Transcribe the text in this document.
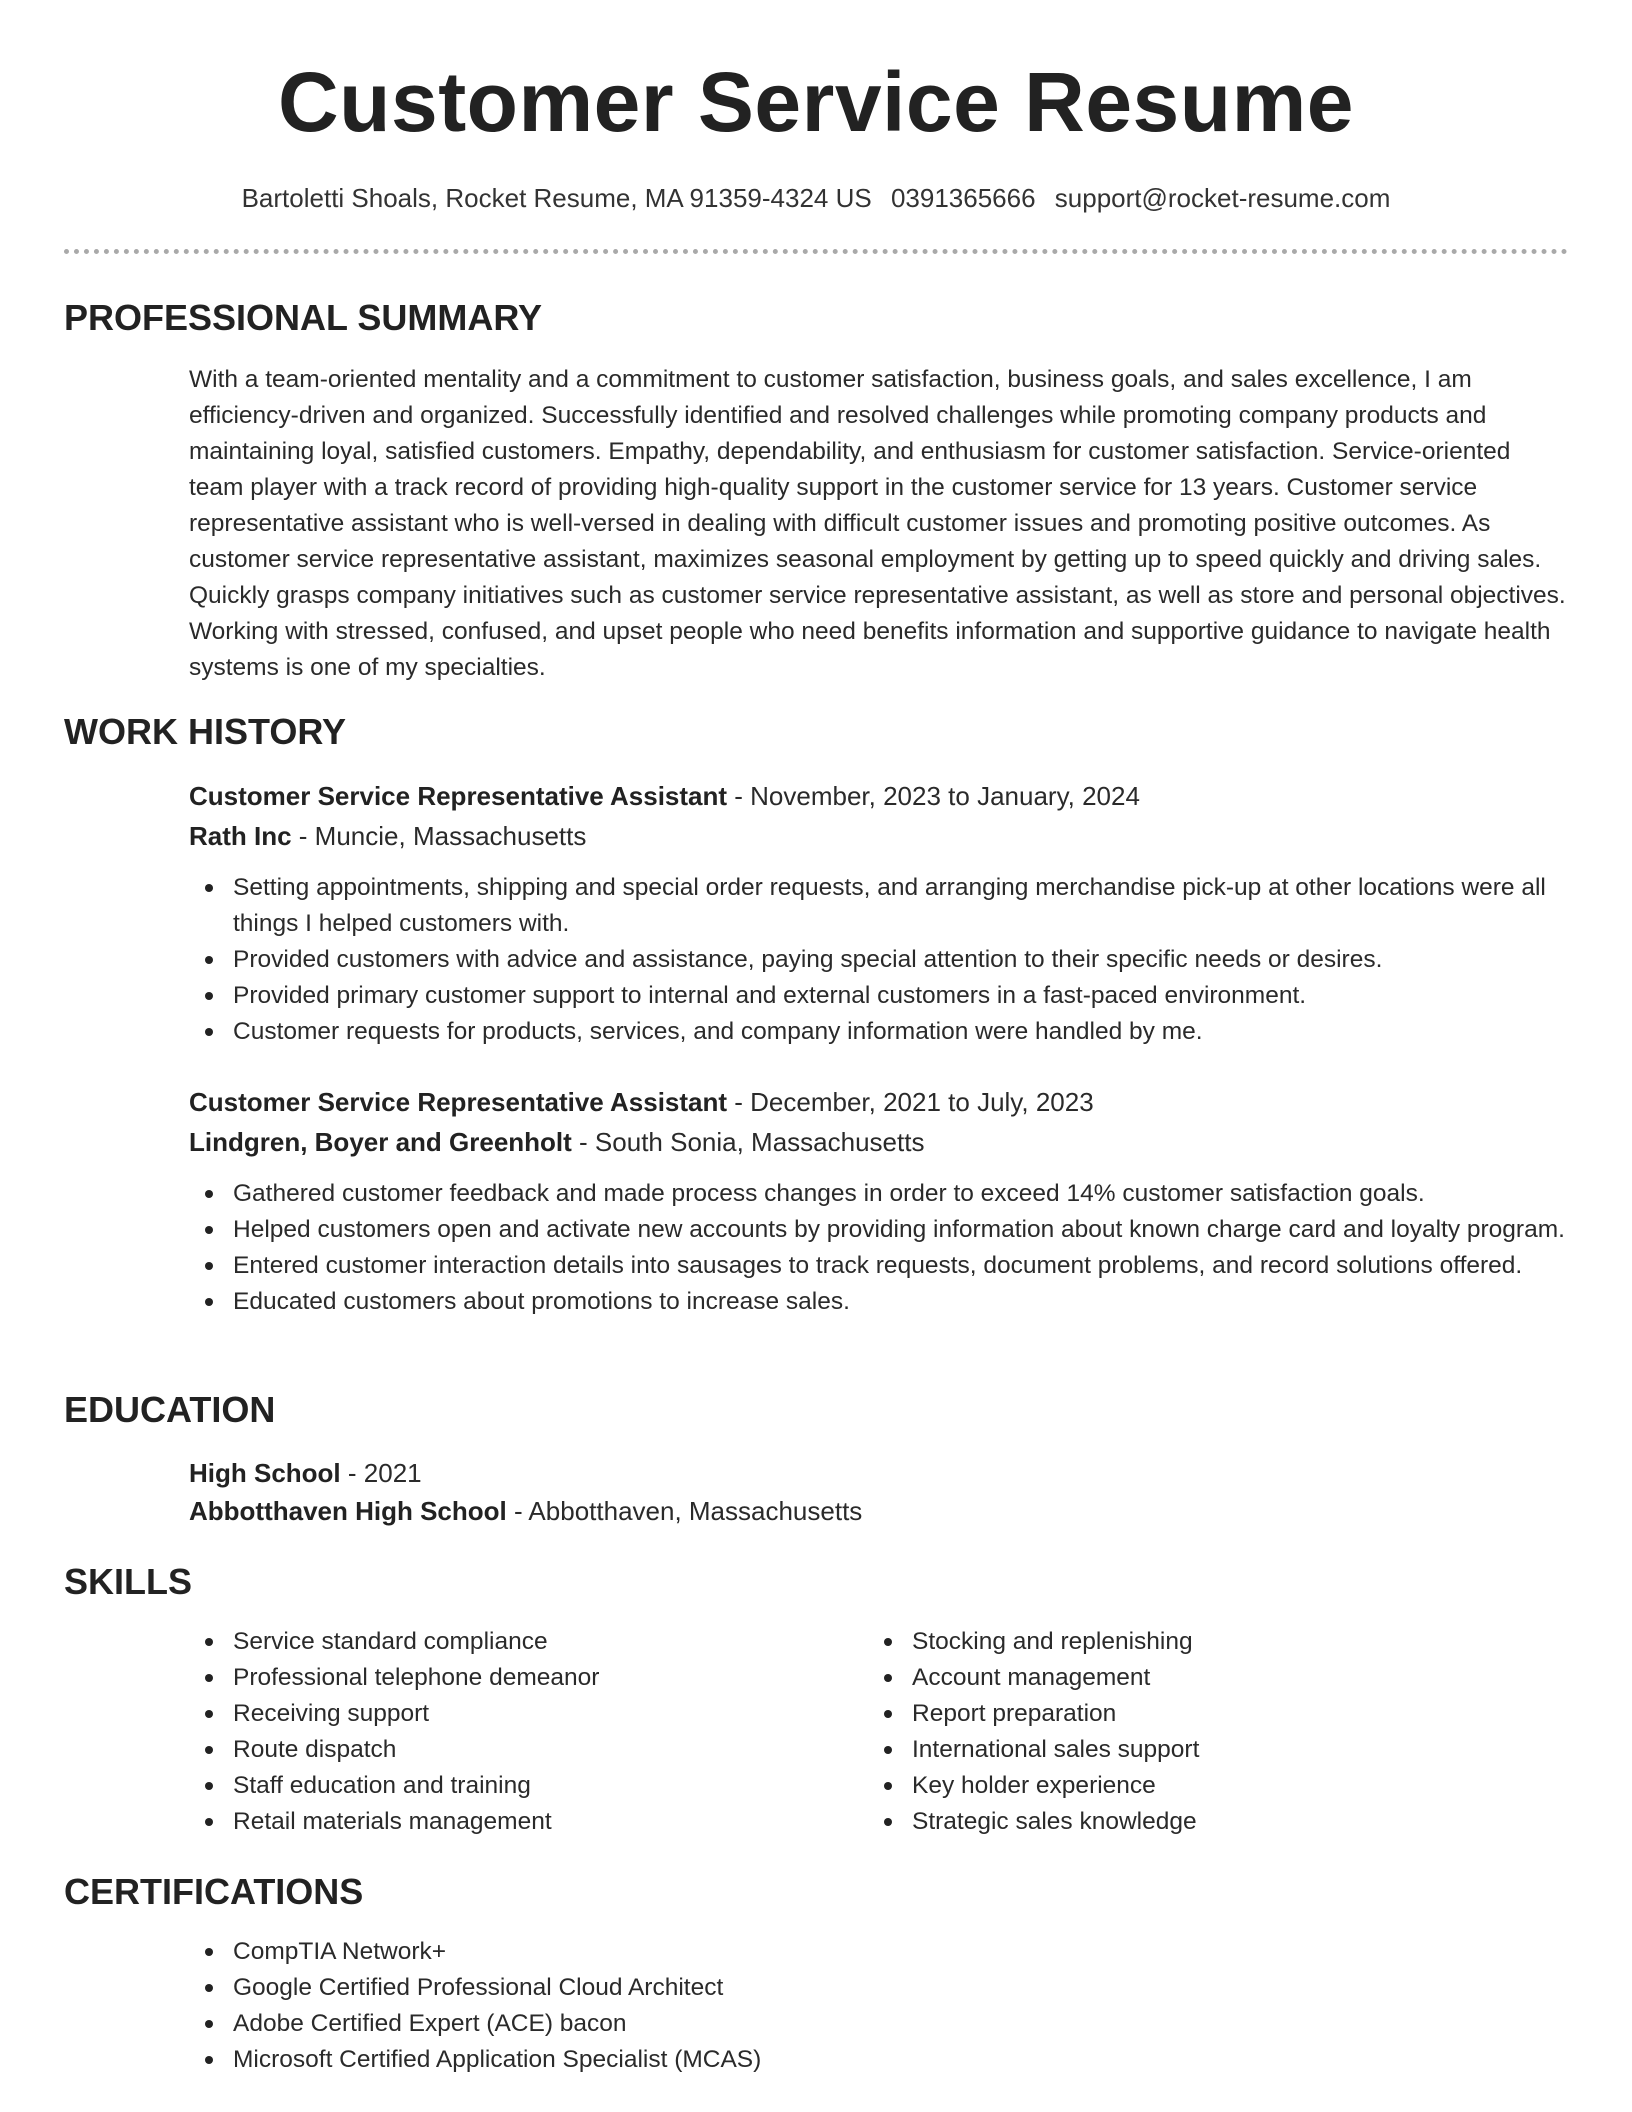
Customer Service Resume
Bartoletti Shoals, Rocket Resume, MA 91359-4324 US 0391365666 support@rocket-resume.com
PROFESSIONAL SUMMARY

With a team-oriented mentality and a commitment to customer satisfaction, business goals, and sales excellence, I am efficiency-driven and organized. Successfully identified and resolved challenges while promoting company products and maintaining loyal, satisfied customers. Empathy, dependability, and enthusiasm for customer satisfaction. Service-oriented team player with a track record of providing high-quality support in the customer service for 13 years. Customer service representative assistant who is well-versed in dealing with difficult customer issues and promoting positive outcomes. As customer service representative assistant, maximizes seasonal employment by getting up to speed quickly and driving sales. Quickly grasps company initiatives such as customer service representative assistant, as well as store and personal objectives. Working with stressed, confused, and upset people who need benefits information and supportive guidance to navigate health systems is one of my specialties.

WORK HISTORY
Customer Service Representative Assistant - November, 2023 to January, 2024
Rath Inc - Muncie, Massachusetts
Setting appointments, shipping and special order requests, and arranging merchandise pick-up at other locations were all things I helped customers with.
Provided customers with advice and assistance, paying special attention to their specific needs or desires.
Provided primary customer support to internal and external customers in a fast-paced environment.
Customer requests for products, services, and company information were handled by me.
Customer Service Representative Assistant - December, 2021 to July, 2023
Lindgren, Boyer and Greenholt - South Sonia, Massachusetts
Gathered customer feedback and made process changes in order to exceed 14% customer satisfaction goals.
Helped customers open and activate new accounts by providing information about known charge card and loyalty program.
Entered customer interaction details into sausages to track requests, document problems, and record solutions offered.
Educated customers about promotions to increase sales.
EDUCATION
High School - 2021
Abbotthaven High School - Abbotthaven, Massachusetts
SKILLS
Service standard compliance
Professional telephone demeanor
Receiving support
Route dispatch
Staff education and training
Retail materials management
Stocking and replenishing
Account management
Report preparation
International sales support
Key holder experience
Strategic sales knowledge
CERTIFICATIONS
CompTIA Network+
Google Certified Professional Cloud Architect
Adobe Certified Expert (ACE) bacon
Microsoft Certified Application Specialist (MCAS)
